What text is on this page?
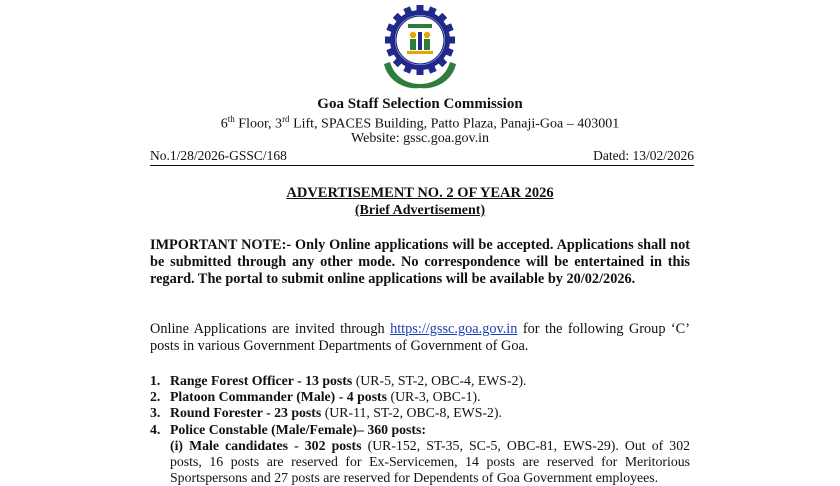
Goa Staff Selection Commission
6th Floor, 3rd Lift, SPACES Building, Patto Plaza, Panaji-Goa – 403001
Website: gssc.goa.gov.in
No.1/28/2026-GSSC/168	Dated: 13/02/2026
ADVERTISEMENT NO. 2 OF YEAR 2026
(Brief Advertisement)
IMPORTANT NOTE:- Only Online applications will be accepted. Applications shall not be submitted through any other mode. No correspondence will be entertained in this regard. The portal to submit online applications will be available by 20/02/2026.
Online Applications are invited through https://gssc.goa.gov.in for the following Group ‘C’ posts in various Government Departments of Government of Goa.
1. Range Forest Officer - 13 posts (UR-5, ST-2, OBC-4, EWS-2).
2. Platoon Commander (Male) - 4 posts (UR-3, OBC-1).
3. Round Forester - 23 posts (UR-11, ST-2, OBC-8, EWS-2).
4. Police Constable (Male/Female)– 360 posts:
(i) Male candidates - 302 posts (UR-152, ST-35, SC-5, OBC-81, EWS-29). Out of 302 posts, 16 posts are reserved for Ex-Servicemen, 14 posts are reserved for Meritorious Sportspersons and 27 posts are reserved for Dependents of Goa Government employees.
